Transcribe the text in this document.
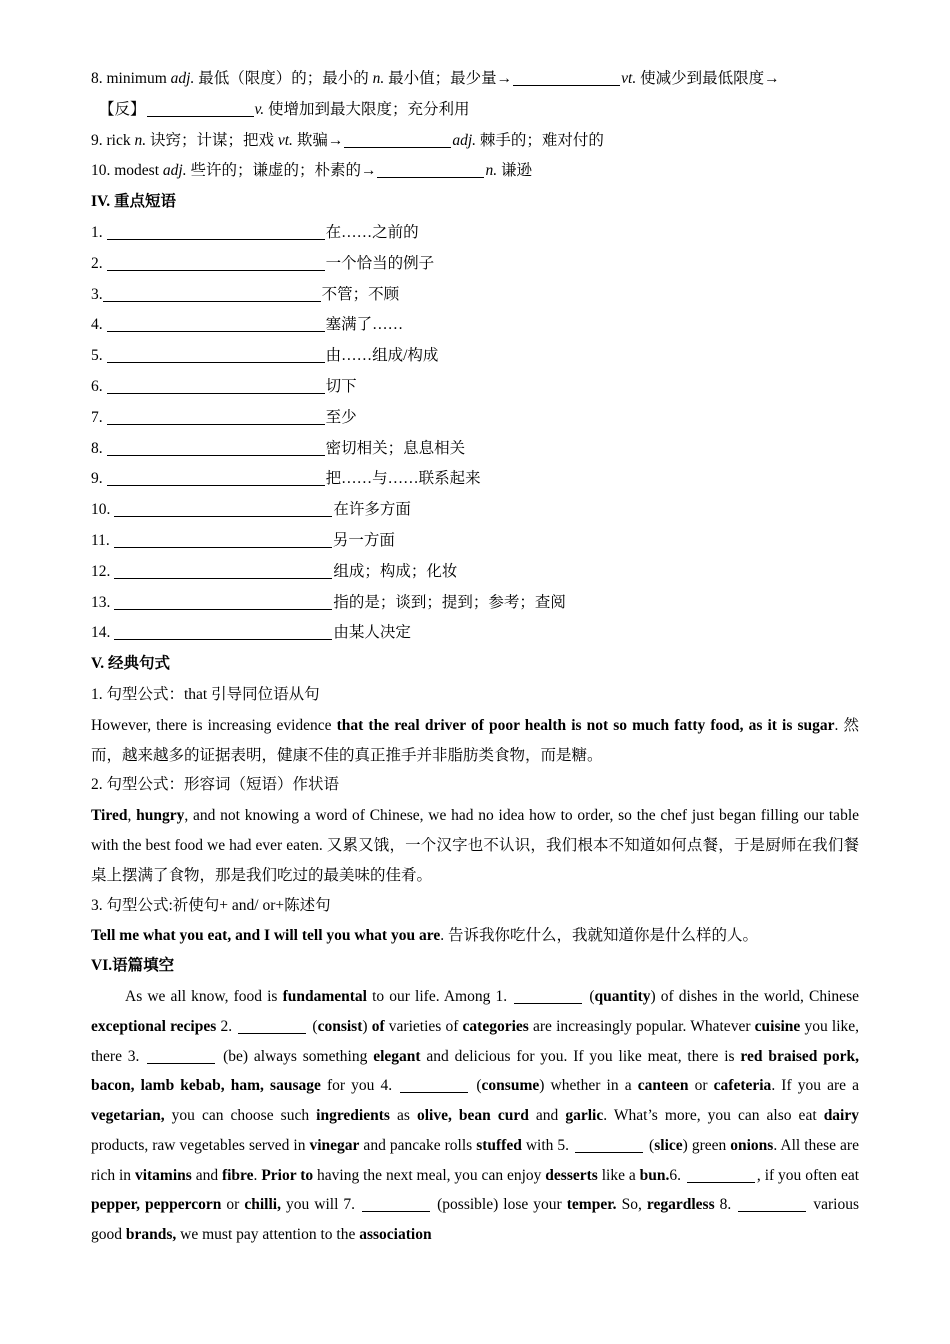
8. minimum adj. 最低（限度）的；最小的 n. 最小值；最少量→	vt. 使减少到最低限度→
【反】	v. 使增加到最大限度；充分利用
9. rick n. 诀窍；计谋；把戏 vt. 欺骗→	adj. 棘手的；难对付的
10. modest adj. 些许的；谦虚的；朴素的→	n. 谦逊
IV. 重点短语
1.	在……之前的
2.	一个恰当的例子
3.	不管；不顾
4.	塞满了……
5.	由……组成/构成
6.	切下
7.	至少
8.	密切相关；息息相关
9.	把……与……联系起来
10.	在许多方面
11.	另一方面
12.	组成；构成；化妆
13.	指的是；谈到；提到；参考；查阅
14.	由某人决定
V. 经典句式
1. 句型公式：that 引导同位语从句
However, there is increasing evidence that the real driver of poor health is not so much fatty food, as it is sugar. 然而，越来越多的证据表明，健康不佳的真正推手并非脂肪类食物，而是糖。
2. 句型公式：形容词（短语）作状语
Tired, hungry, and not knowing a word of Chinese, we had no idea how to order, so the chef just began filling our table with the best food we had ever eaten. 又累又饿，一个汉字也不认识，我们根本不知道如何点餐，于是厨师在我们餐桌上摆满了食物，那是我们吃过的最美味的佳肴。
3. 句型公式:祈使句+ and/ or+陈述句
Tell me what you eat, and I will tell you what you are. 告诉我你吃什么，我就知道你是什么样的人。
VI.语篇填空
As we all know, food is fundamental to our life. Among 1.	(quantity) of dishes in the world, Chinese exceptional recipes 2.	(consist) of varieties of categories are increasingly popular. Whatever cuisine you like, there 3.	(be) always something elegant and delicious for you. If you like meat, there is red braised pork, bacon, lamb kebab, ham, sausage for you 4.	(consume) whether in a canteen or cafeteria. If you are a vegetarian, you can choose such ingredients as olive, bean curd and garlic. What’s more, you can also eat dairy products, raw vegetables served in vinegar and pancake rolls stuffed with 5.	(slice) green onions. All these are rich in vitamins and fibre. Prior to having the next meal, you can enjoy desserts like a bun.6.	, if you often eat pepper, peppercorn or chilli, you will 7.	(possible) lose your temper. So, regardless 8.	various good brands, we must pay attention to the association
